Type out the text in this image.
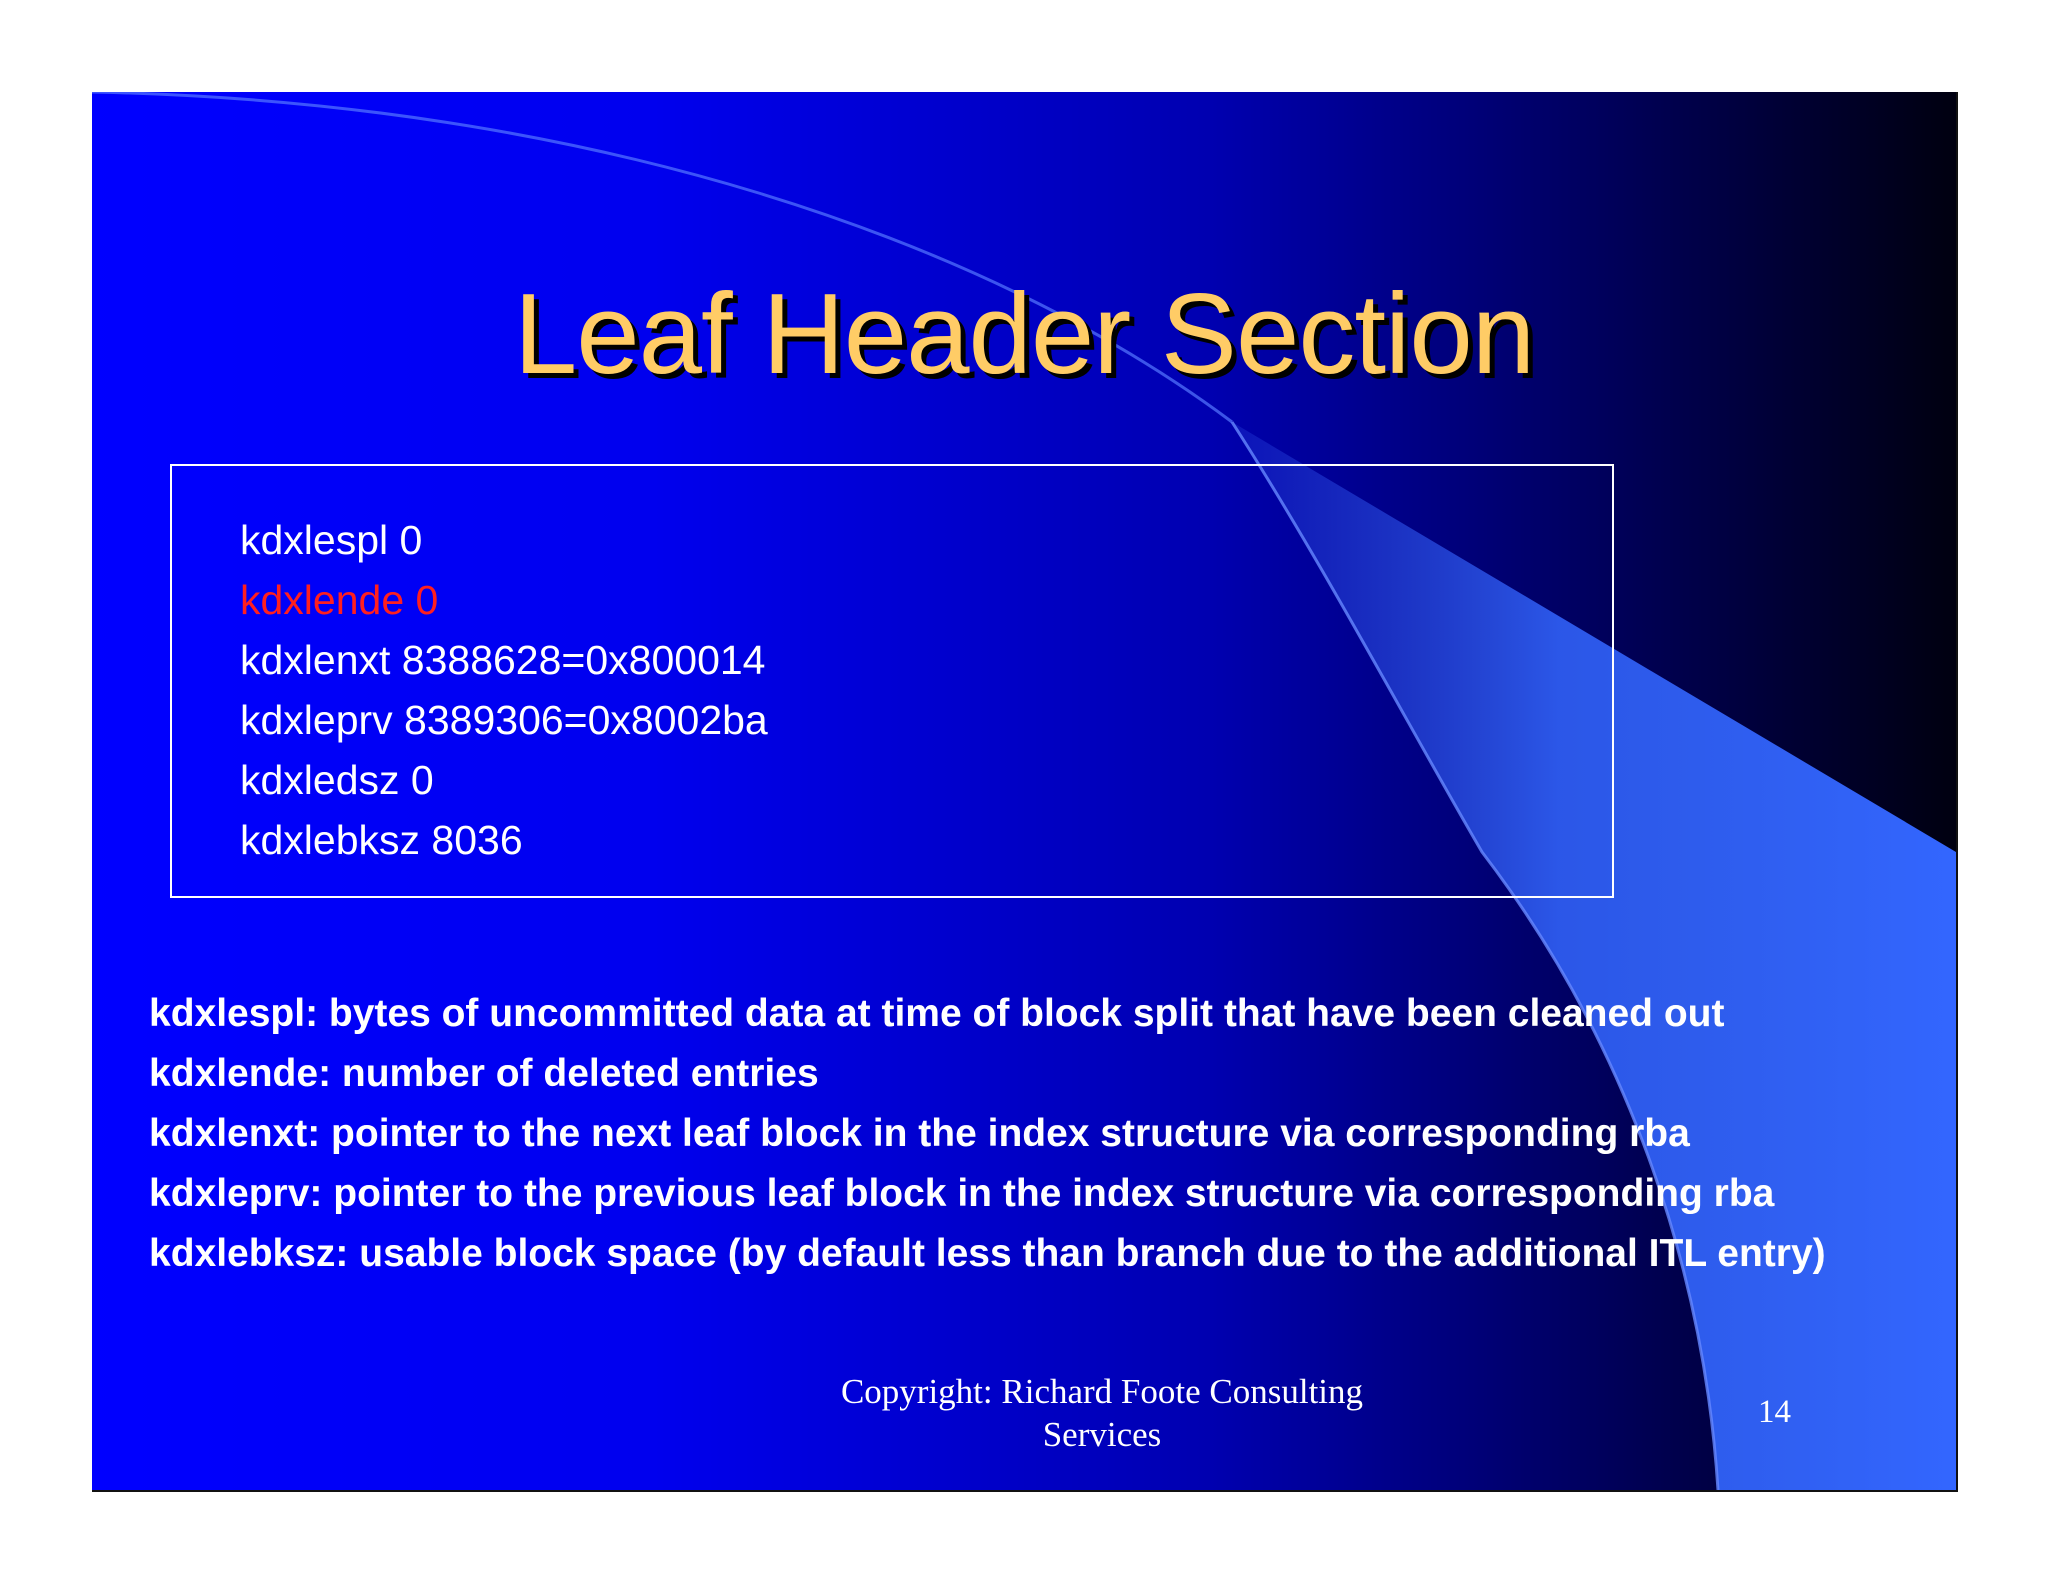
Leaf Header Section
kdxlespl 0
kdxlende 0
kdxlenxt 8388628=0x800014
kdxleprv 8389306=0x8002ba
kdxledsz 0
kdxlebksz 8036
kdxlespl: bytes of uncommitted data at time of block split that have been cleaned out
kdxlende: number of deleted entries
kdxlenxt: pointer to the next leaf block in the index structure via corresponding rba
kdxleprv: pointer to the previous leaf block in the index structure via corresponding rba
kdxlebksz: usable block space (by default less than branch due to the additional ITL entry)
Copyright: Richard Foote Consulting
Services
14
